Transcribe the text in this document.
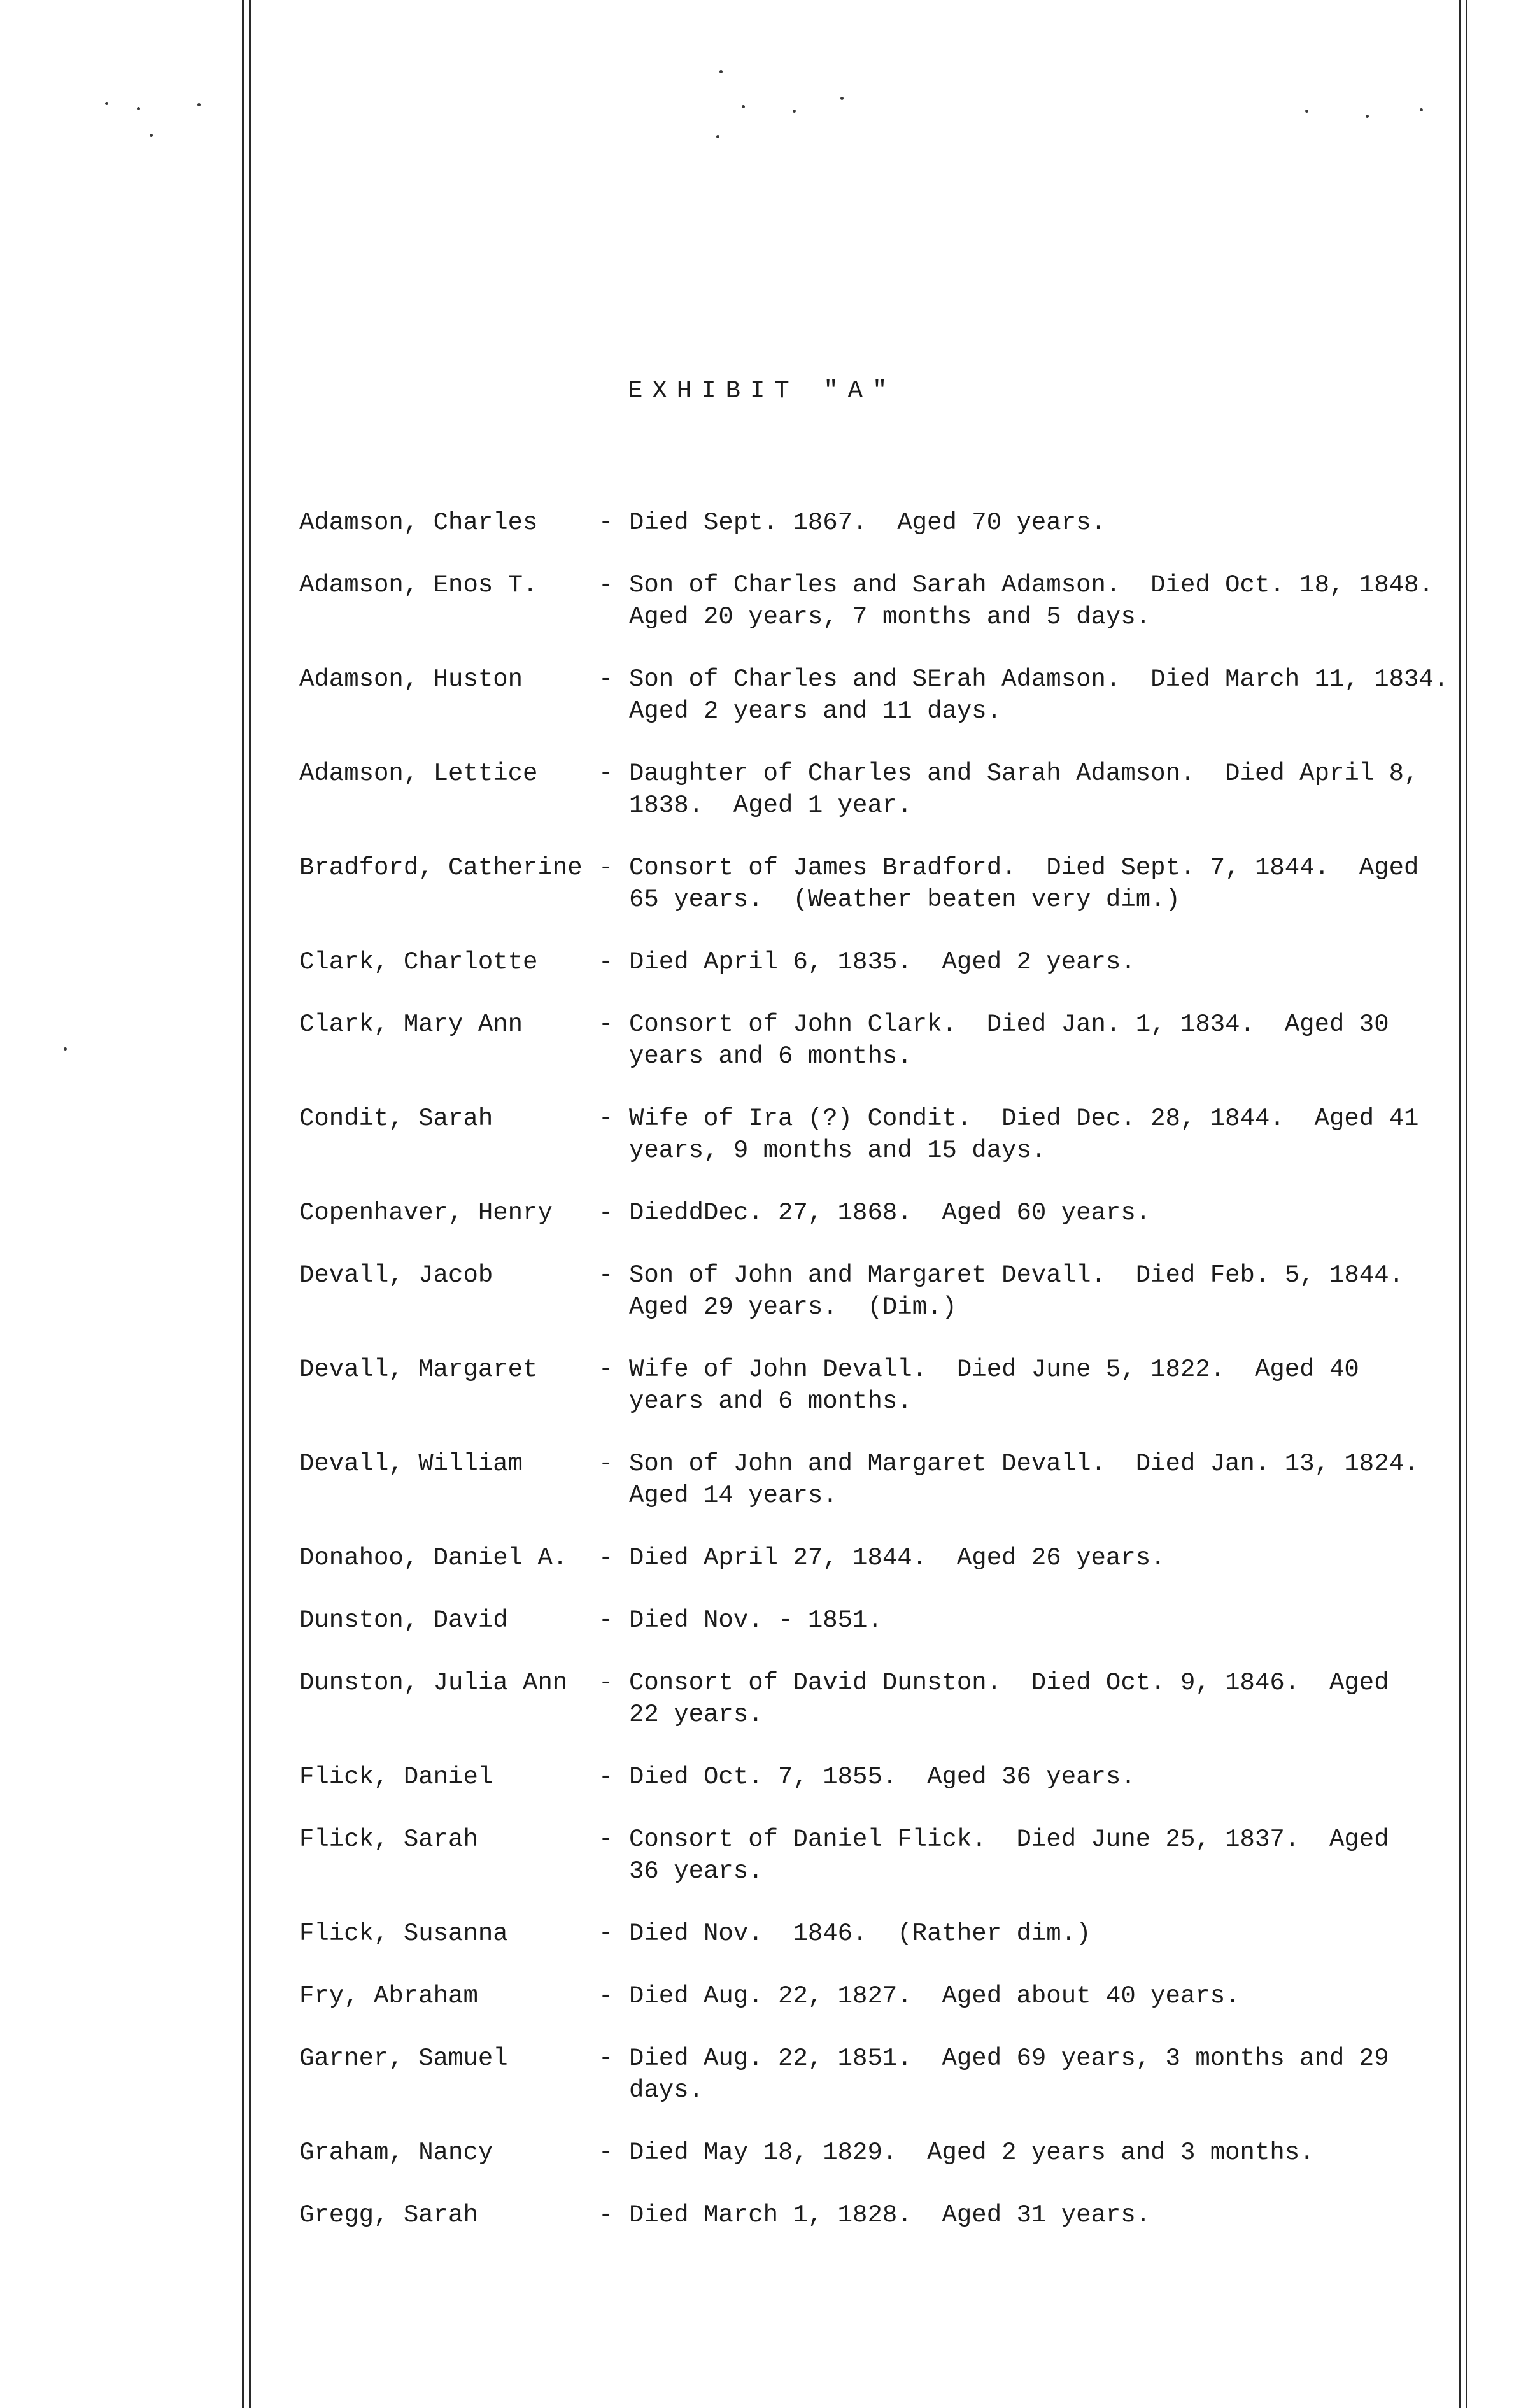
EXHIBIT "A"
Adamson, Charles	- Died Sept. 1867.  Aged 70 years.
Adamson, Enos T.	- Son of Charles and Sarah Adamson.  Died Oct. 18, 1848.
Aged 20 years, 7 months and 5 days.
Adamson, Huston	- Son of Charles and SErah Adamson.  Died March 11, 1834.
Aged 2 years and 11 days.
Adamson, Lettice	- Daughter of Charles and Sarah Adamson.  Died April 8,
1838.  Aged 1 year.
Bradford, Catherine - Consort of James Bradford.  Died Sept. 7, 1844.  Aged
65 years.  (Weather beaten very dim.)
Clark, Charlotte	- Died April 6, 1835.  Aged 2 years.
Clark, Mary Ann	- Consort of John Clark.  Died Jan. 1, 1834.  Aged 30
years and 6 months.
Condit, Sarah	- Wife of Ira (?) Condit.  Died Dec. 28, 1844.  Aged 41
years, 9 months and 15 days.
Copenhaver, Henry	- DieddDec. 27, 1868.  Aged 60 years.
Devall, Jacob	- Son of John and Margaret Devall.  Died Feb. 5, 1844.
Aged 29 years.  (Dim.)
Devall, Margaret	- Wife of John Devall.  Died June 5, 1822.  Aged 40
years and 6 months.
Devall, William	- Son of John and Margaret Devall.  Died Jan. 13, 1824.
Aged 14 years.
Donahoo, Daniel A.	- Died April 27, 1844.  Aged 26 years.
Dunston, David	- Died Nov. - 1851.
Dunston, Julia Ann	- Consort of David Dunston.  Died Oct. 9, 1846.  Aged
22 years.
Flick, Daniel	- Died Oct. 7, 1855.  Aged 36 years.
Flick, Sarah	- Consort of Daniel Flick.  Died June 25, 1837.  Aged
36 years.
Flick, Susanna	- Died Nov.  1846.  (Rather dim.)
Fry, Abraham	- Died Aug. 22, 1827.  Aged about 40 years.
Garner, Samuel	- Died Aug. 22, 1851.  Aged 69 years, 3 months and 29
days.
Graham, Nancy	- Died May 18, 1829.  Aged 2 years and 3 months.
Gregg, Sarah	- Died March 1, 1828.  Aged 31 years.
